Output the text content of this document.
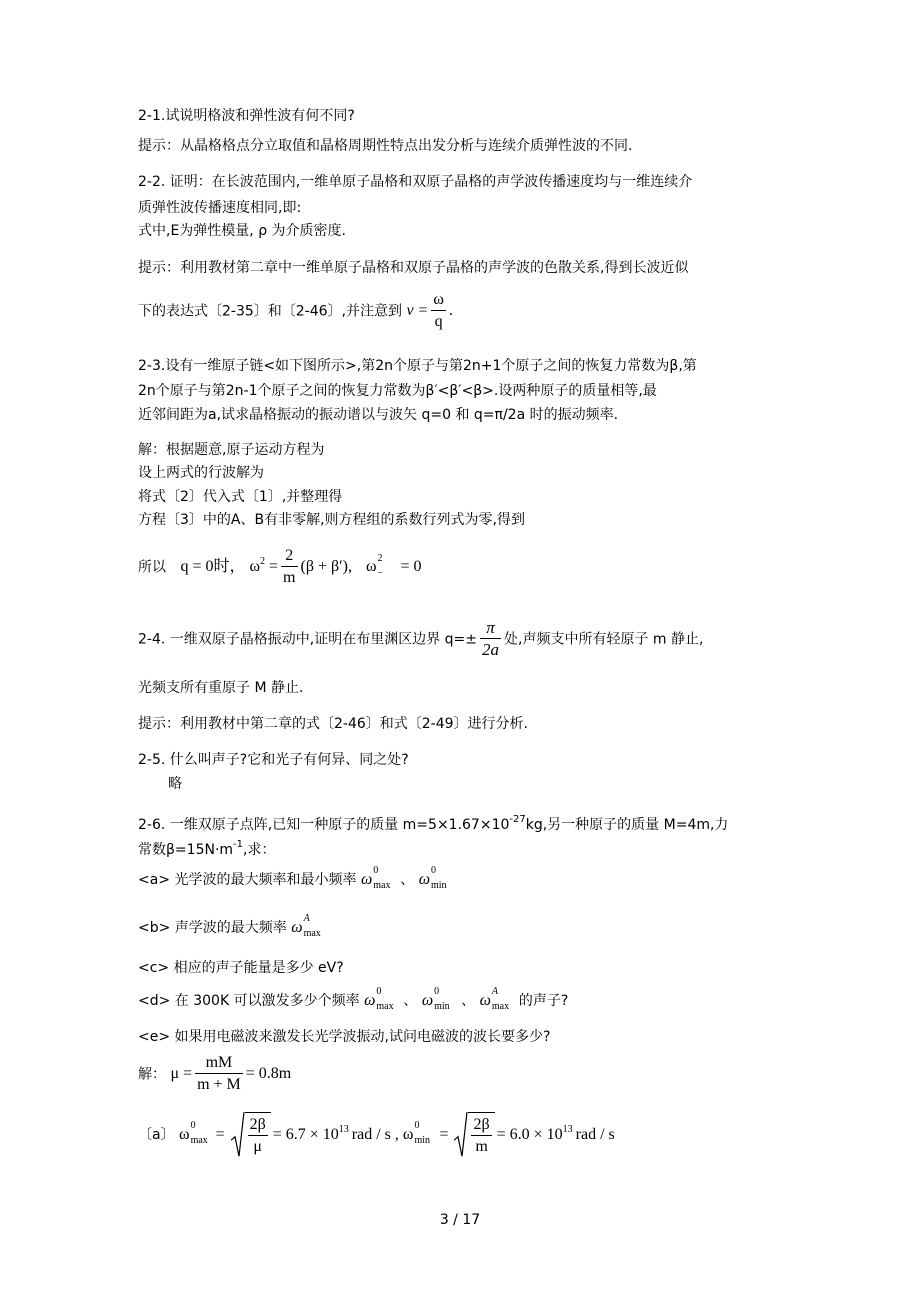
2-1.试说明格波和弹性波有何不同?
提示：从晶格格点分立取值和晶格周期性特点出发分析与连续介质弹性波的不同.
2-2. 证明：在长波范围内,一维单原子晶格和双原子晶格的声学波传播速度均与一维连续介
质弹性波传播速度相同,即:
式中,E为弹性模量, ρ 为介质密度.
提示：利用教材第二章中一维单原子晶格和双原子晶格的声学波的色散关系,得到长波近似
下的表达式〔2-35〕和〔2-46〕,并注意到 $v = \frac{\omega}{q}$ .
2-3.设有一维原子链<如下图所示>,第2n个原子与第2n+1个原子之间的恢复力常数为β,第
2n个原子与第2n-1个原子之间的恢复力常数为β′<β′<β>.设两种原子的质量相等,最
近邻间距为a,试求晶格振动的振动谱以与波矢 q=0 和 q=π/2a 时的振动频率.
解：根据题意,原子运动方程为
设上两式的行波解为
将式〔2〕代入式〔1〕,并整理得
方程〔3〕中的A、B有非零解,则方程组的系数行列式为零,得到
所以 q = 0时， $\omega^2 = \frac{2}{m} (\beta + \beta')$, ω
2
− = 0
2-4. 一维双原子晶格振动中,证明在布里渊区边界 $q=\pm \frac{\pi}{2a}$ 处,声频支中所有轻原子 m 静止,
光频支所有重原子 M 静止.
提示：利用教材中第二章的式〔2-46〕和式〔2-49〕进行分析.
2-5. 什么叫声子?它和光子有何异、同之处?
略
2-6. 一维双原子点阵,已知一种原子的质量 $m=5\times 1.67\times 10^{-27}kg$,另一种原子的质量 M=4m,力
常数$\beta=15N\cdot m^{-1}$,求：
<a> 光学波的最大频率和最小频率 ω
0
max 、 ω
0
min
<b> 声学波的最大频率 ω
A
max
<c> 相应的声子能量是多少 eV?
<d> 在 300K 可以激发多少个频率 ω
0
max 、 ω
0
min 、 ω
A
max 的声子?
<e> 如果用电磁波来激发长光学波振动,试问电磁波的波长要多少?
解： $\mu = \frac{mM}{m + M} = 0.8m$
〔a〕 ω
0
$\max = \frac{2\beta}{\mu} = 6.7 \times 10^{13}$ rad / s , ω
0
$\min = \frac{2\beta}{m} = 6.0 \times 10^{13}$ rad / s
3 / 17
